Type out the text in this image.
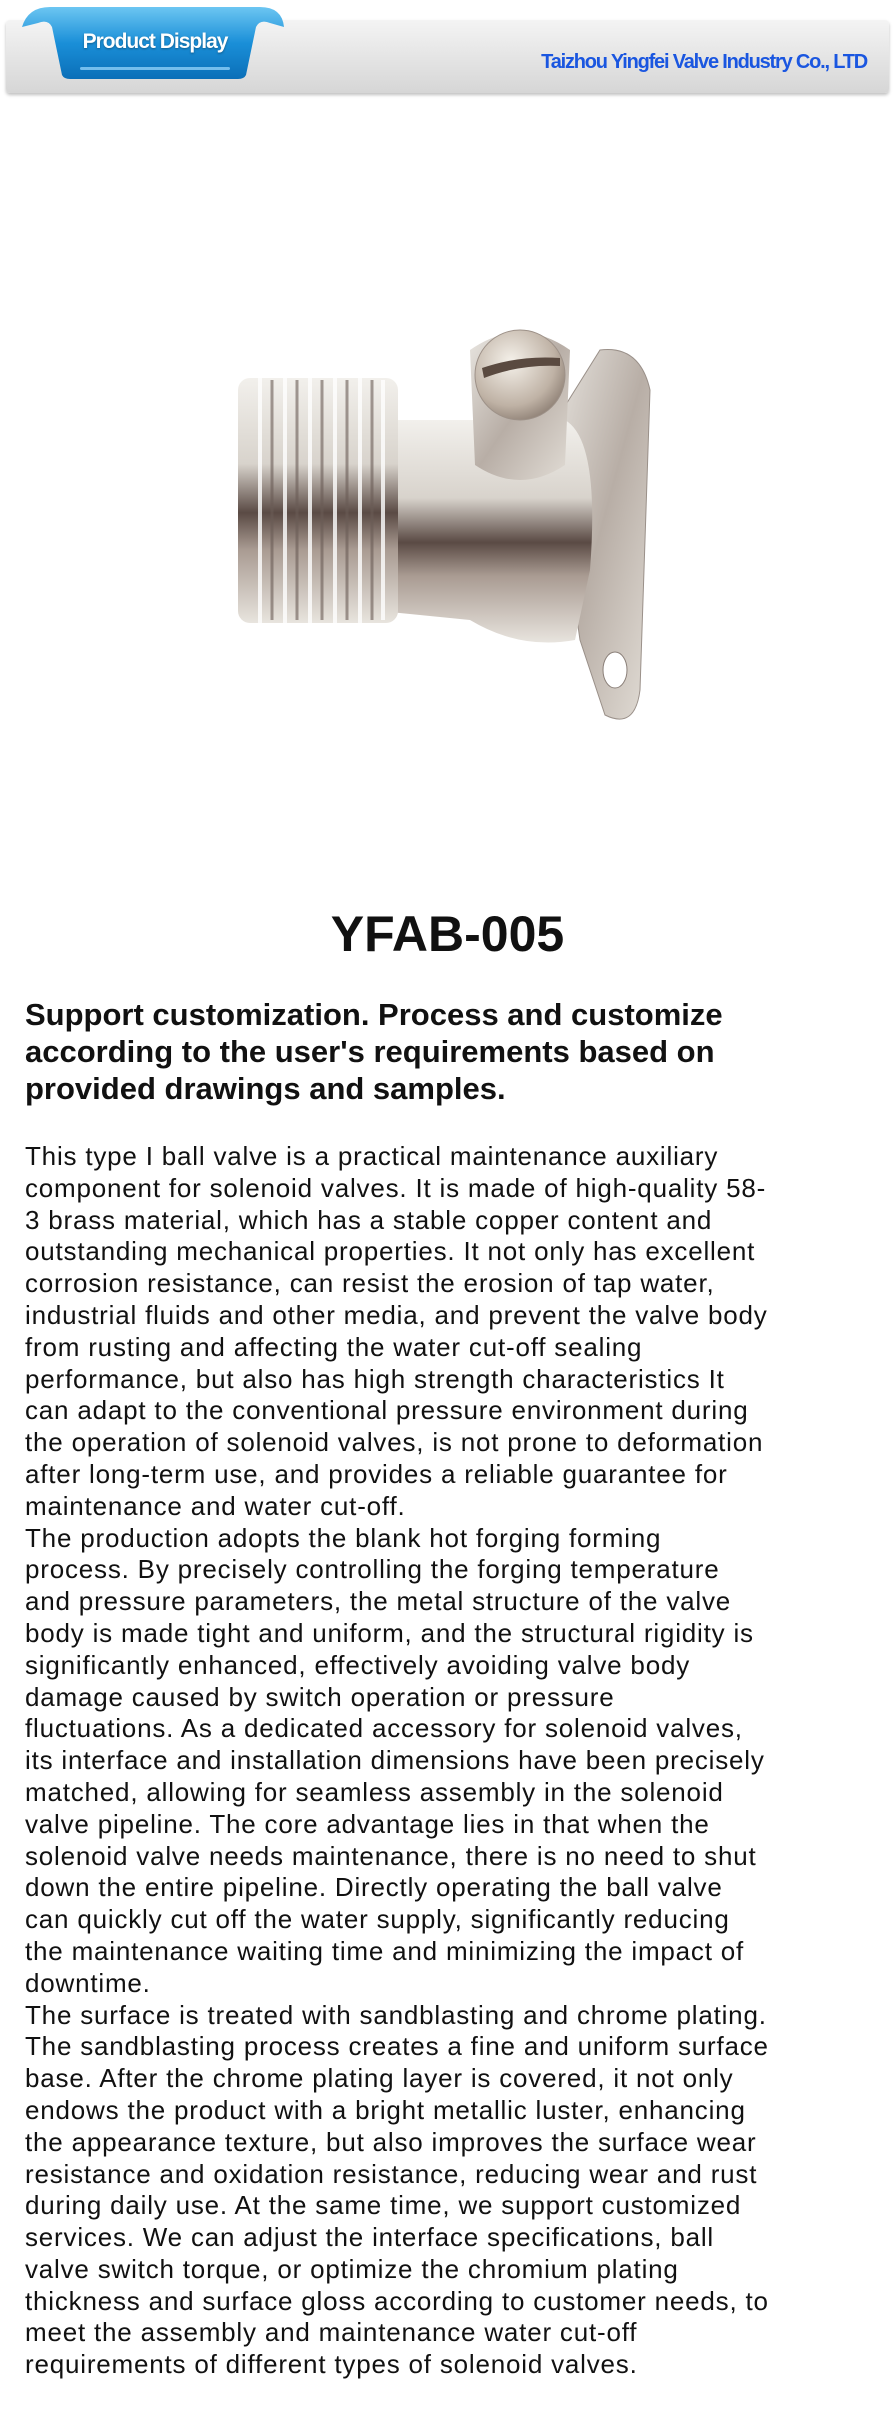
Product Display
Taizhou Yingfei Valve Industry Co., LTD
YFAB-005
Support customization. Process and customize
according to the user's requirements based on
provided drawings and samples.
This type I ball valve is a practical maintenance auxiliary
component for solenoid valves. It is made of high-quality 58-
3 brass material, which has a stable copper content and
outstanding mechanical properties. It not only has excellent
corrosion resistance, can resist the erosion of tap water,
industrial fluids and other media, and prevent the valve body
from rusting and affecting the water cut-off sealing
performance, but also has high strength characteristics It
can adapt to the conventional pressure environment during
the operation of solenoid valves, is not prone to deformation
after long-term use, and provides a reliable guarantee for
maintenance and water cut-off.
The production adopts the blank hot forging forming
process. By precisely controlling the forging temperature
and pressure parameters, the metal structure of the valve
body is made tight and uniform, and the structural rigidity is
significantly enhanced, effectively avoiding valve body
damage caused by switch operation or pressure
fluctuations. As a dedicated accessory for solenoid valves,
its interface and installation dimensions have been precisely
matched, allowing for seamless assembly in the solenoid
valve pipeline. The core advantage lies in that when the
solenoid valve needs maintenance, there is no need to shut
down the entire pipeline. Directly operating the ball valve
can quickly cut off the water supply, significantly reducing
the maintenance waiting time and minimizing the impact of
downtime.
The surface is treated with sandblasting and chrome plating.
The sandblasting process creates a fine and uniform surface
base. After the chrome plating layer is covered, it not only
endows the product with a bright metallic luster, enhancing
the appearance texture, but also improves the surface wear
resistance and oxidation resistance, reducing wear and rust
during daily use. At the same time, we support customized
services. We can adjust the interface specifications, ball
valve switch torque, or optimize the chromium plating
thickness and surface gloss according to customer needs, to
meet the assembly and maintenance water cut-off
requirements of different types of solenoid valves.
